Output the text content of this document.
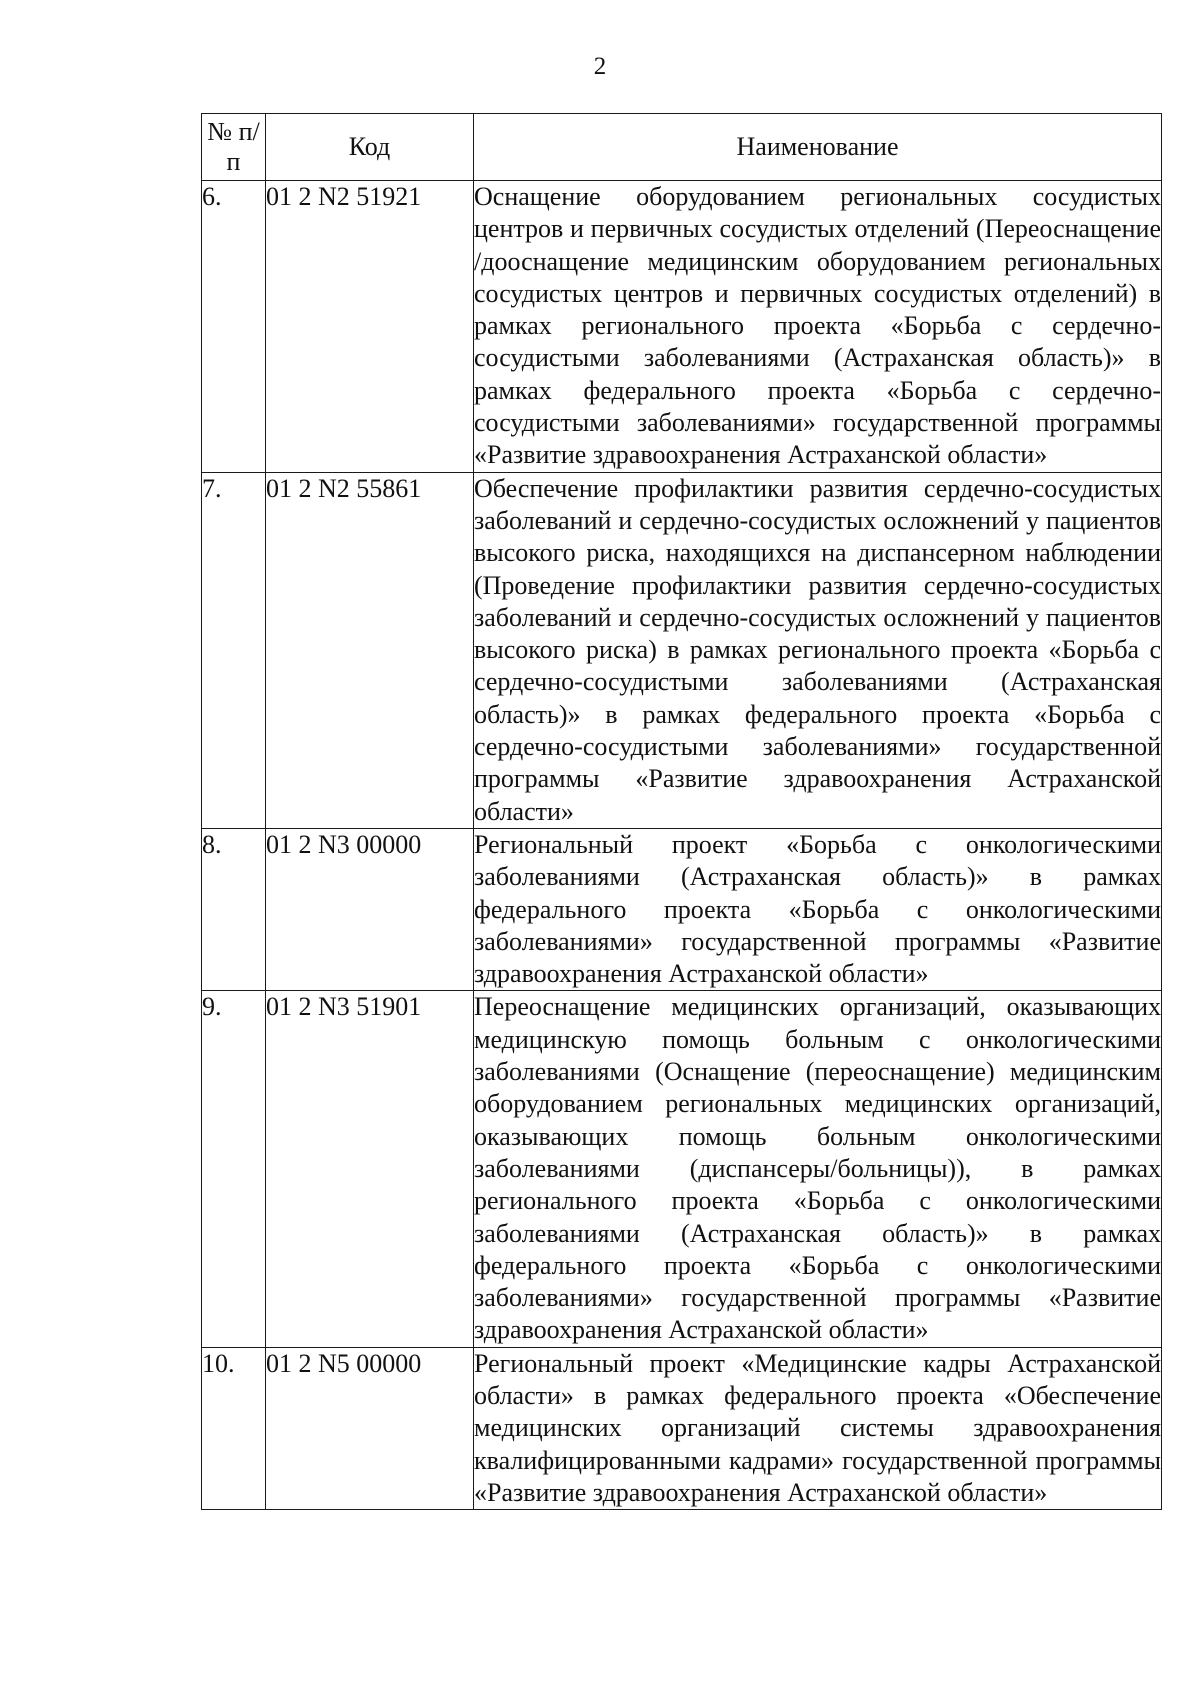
2
№ п/п	Код	Наименование
6.	01 2 N2 51921	Оснащение оборудованием региональных сосудистых центров и первичных сосудистых отделений (Переоснащение /дооснащение медицинским оборудованием региональных сосудистых центров и первичных сосудистых отделений) в рамках регионального проекта «Борьба с сердечно-сосудистыми заболеваниями (Астраханская область)» в рамках федерального проекта «Борьба с сердечно-сосудистыми заболеваниями» государственной программы «Развитие здравоохранения Астраханской области»
7.	01 2 N2 55861	Обеспечение профилактики развития сердечно-сосудистых заболеваний и сердечно-сосудистых осложнений у пациентов высокого риска, находящихся на диспансерном наблюдении (Проведение профилактики развития сердечно-сосудистых заболеваний и сердечно-сосудистых осложнений у пациентов высокого риска) в рамках регионального проекта «Борьба с сердечно-сосудистыми заболеваниями (Астраханская область)» в рамках федерального проекта «Борьба с сердечно-сосудистыми заболеваниями» государственной программы «Развитие здравоохранения Астраханской области»
8.	01 2 N3 00000	Региональный проект «Борьба с онкологическими заболеваниями (Астраханская область)» в рамках федерального проекта «Борьба с онкологическими заболеваниями» государственной программы «Развитие здравоохранения Астраханской области»
9.	01 2 N3 51901	Переоснащение медицинских организаций, оказывающих медицинскую помощь больным с онкологическими заболеваниями (Оснащение (переоснащение) медицинским оборудованием региональных медицинских организаций, оказывающих помощь больным онкологическими заболеваниями (диспансеры/больницы)), в рамках регионального проекта «Борьба с онкологическими заболеваниями (Астраханская область)» в рамках федерального проекта «Борьба с онкологическими заболеваниями» государственной программы «Развитие здравоохранения Астраханской области»
10.	01 2 N5 00000	Региональный проект «Медицинские кадры Астраханской области» в рамках федерального проекта «Обеспечение медицинских организаций системы здравоохранения квалифицированными кадрами» государственной программы «Развитие здравоохранения Астраханской области»
